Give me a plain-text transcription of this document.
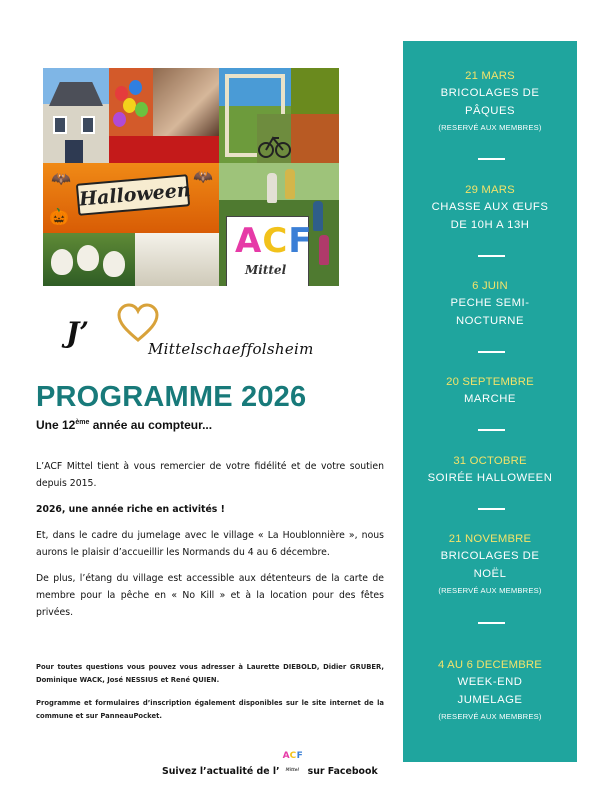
🦇	🦇
🎃
Halloween
ACF
Mittel
J’	Mittelschaeffolsheim
PROGRAMME 2026
Une 12ème année au compteur...

L’ACF Mittel tient à vous remercier de votre fidélité et de votre soutien depuis 2015.

2026, une année riche en activités !

Et, dans le cadre du jumelage avec le village « La Houblonnière », nous aurons le plaisir d’accueillir les Normands du 4 au 6 décembre.

De plus, l’étang du village est accessible aux détenteurs de la carte de membre pour la pêche en « No Kill » et à la location pour des fêtes privées.

Pour toutes questions vous pouvez vous adresser à Laurette DIEBOLD, Didier GRUBER, Dominique WACK, José NESSIUS et René QUIEN.

Programme et formulaires d’inscription également disponibles sur le site internet de la commune et sur PanneauPocket.

Suivez l’actualité de l’
A C F
Mittel sur Facebook
21 MARS
BRICOLAGES DE
PÂQUES
(RESERVÉ AUX MEMBRES)
29 MARS
CHASSE AUX ŒUFS
DE 10H A 13H
6 JUIN
PECHE SEMI-
NOCTURNE
20 SEPTEMBRE
MARCHE
31 OCTOBRE
SOIRÉE HALLOWEEN
21 NOVEMBRE
BRICOLAGES DE
NOËL
(RESERVÉ AUX MEMBRES)
4 AU 6 DECEMBRE
WEEK-END
JUMELAGE
(RESERVÉ AUX MEMBRES)
